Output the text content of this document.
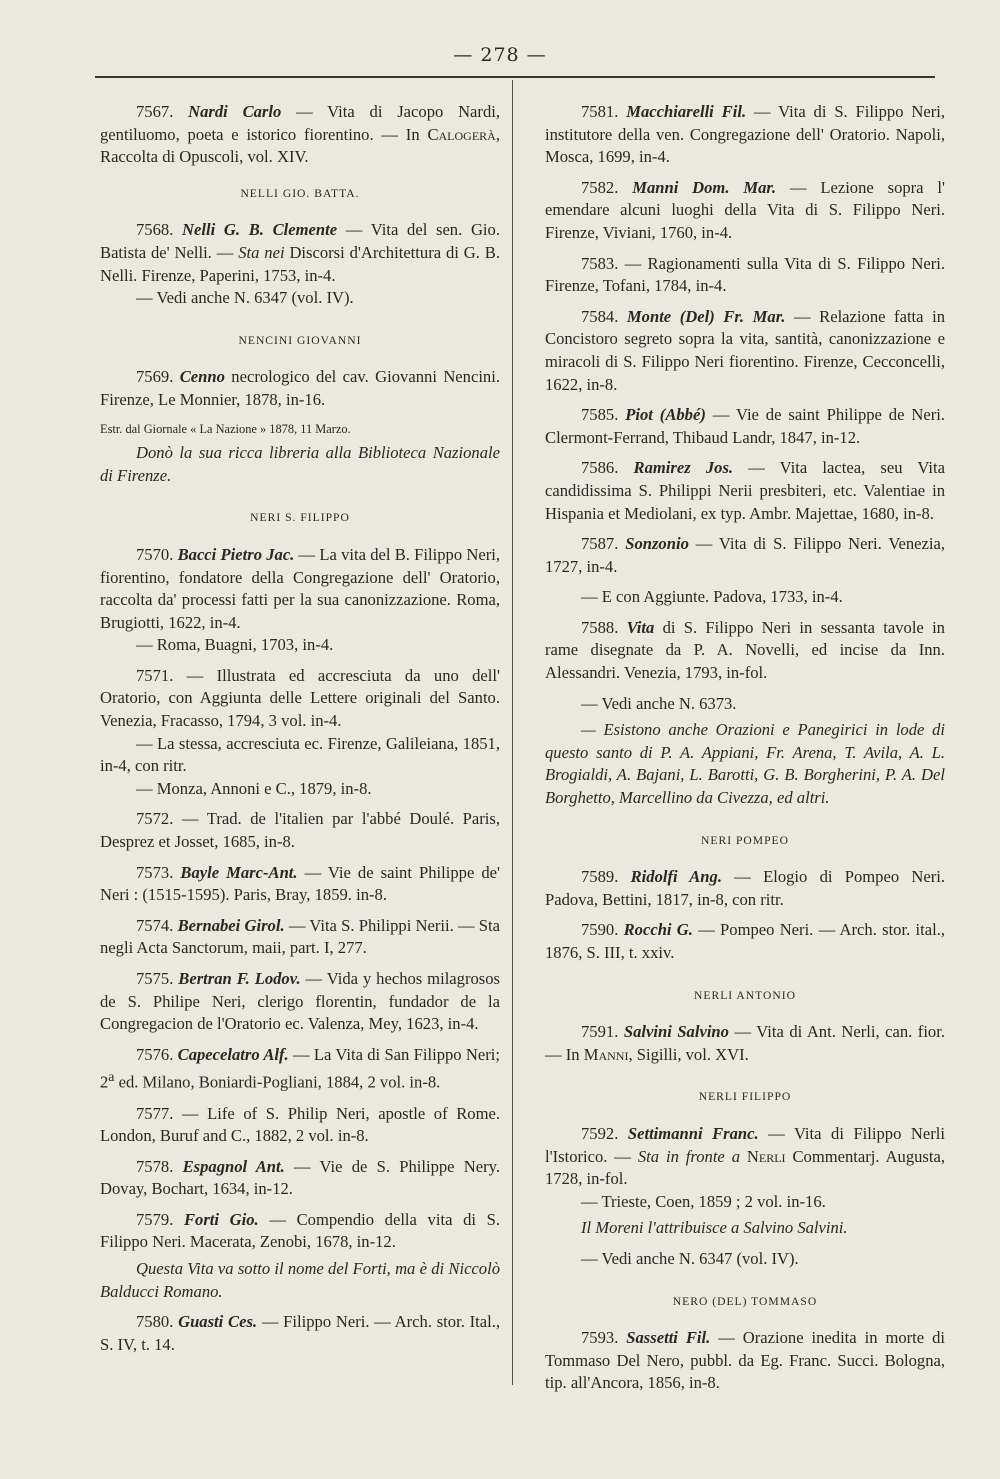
— 278 —

7567. Nardi Carlo — Vita di Jacopo Nardi, gentiluomo, poeta e istorico fiorentino. — In Calogerà, Raccolta di Opuscoli, vol. XIV.

NELLI GIO. BATTA.

7568. Nelli G. B. Clemente — Vita del sen. Gio. Batista de' Nelli. — Sta nei Discorsi d'Architettura di G. B. Nelli. Firenze, Paperini, 1753, in-4.

— Vedi anche N. 6347 (vol. IV).

NENCINI GIOVANNI

7569. Cenno necrologico del cav. Giovanni Nencini. Firenze, Le Monnier, 1878, in-16.

Estr. dal Giornale « La Nazione » 1878, 11 Marzo.

Donò la sua ricca libreria alla Biblioteca Nazionale di Firenze.

NERI S. FILIPPO

7570. Bacci Pietro Jac. — La vita del B. Filippo Neri, fiorentino, fondatore della Congregazione dell' Oratorio, raccolta da' processi fatti per la sua canonizzazione. Roma, Brugiotti, 1622, in-4.

— Roma, Buagni, 1703, in-4.

7571. — Illustrata ed accresciuta da uno dell' Oratorio, con Aggiunta delle Lettere originali del Santo. Venezia, Fracasso, 1794, 3 vol. in-4.

— La stessa, accresciuta ec. Firenze, Galileiana, 1851, in-4, con ritr.

— Monza, Annoni e C., 1879, in-8.

7572. — Trad. de l'italien par l'abbé Doulé. Paris, Desprez et Josset, 1685, in-8.

7573. Bayle Marc-Ant. — Vie de saint Philippe de' Neri : (1515-1595). Paris, Bray, 1859. in-8.

7574. Bernabei Girol. — Vita S. Philippi Nerii. — Sta negli Acta Sanctorum, maii, part. I, 277.

7575. Bertran F. Lodov. — Vida y hechos milagrosos de S. Philipe Neri, clerigo florentin, fundador de la Congregacion de l'Oratorio ec. Valenza, Mey, 1623, in-4.

7576. Capecelatro Alf. — La Vita di San Filippo Neri; 2$^a$ ed. Milano, Boniardi-Pogliani, 1884, 2 vol. in-8.

7577. — Life of S. Philip Neri, apostle of Rome. London, Buruf and C., 1882, 2 vol. in-8.

7578. Espagnol Ant. — Vie de S. Philippe Nery. Dovay, Bochart, 1634, in-12.

7579. Forti Gio. — Compendio della vita di S. Filippo Neri. Macerata, Zenobi, 1678, in-12.

Questa Vita va sotto il nome del Forti, ma è di Niccolò Balducci Romano.

7580. Guasti Ces. — Filippo Neri. — Arch. stor. Ital., S. IV, t. 14.

7581. Macchiarelli Fil. — Vita di S. Filippo Neri, institutore della ven. Congregazione dell' Oratorio. Napoli, Mosca, 1699, in-4.

7582. Manni Dom. Mar. — Lezione sopra l' emendare alcuni luoghi della Vita di S. Filippo Neri. Firenze, Viviani, 1760, in-4.

7583. — Ragionamenti sulla Vita di S. Filippo Neri. Firenze, Tofani, 1784, in-4.

7584. Monte (Del) Fr. Mar. — Relazione fatta in Concistoro segreto sopra la vita, santità, canonizzazione e miracoli di S. Filippo Neri fiorentino. Firenze, Cecconcelli, 1622, in-8.

7585. Piot (Abbé) — Vie de saint Philippe de Neri. Clermont-Ferrand, Thibaud Landr, 1847, in-12.

7586. Ramirez Jos. — Vita lactea, seu Vita candidissima S. Philippi Nerii presbiteri, etc. Valentiae in Hispania et Mediolani, ex typ. Ambr. Majettae, 1680, in-8.

7587. Sonzonio — Vita di S. Filippo Neri. Venezia, 1727, in-4.

— E con Aggiunte. Padova, 1733, in-4.

7588. Vita di S. Filippo Neri in sessanta tavole in rame disegnate da P. A. Novelli, ed incise da Inn. Alessandri. Venezia, 1793, in-fol.

— Vedi anche N. 6373.

— Esistono anche Orazioni e Panegirici in lode di questo santo di P. A. Appiani, Fr. Arena, T. Avila, A. L. Brogialdi, A. Bajani, L. Barotti, G. B. Borgherini, P. A. Del Borghetto, Marcellino da Civezza, ed altri.

NERI POMPEO

7589. Ridolfi Ang. — Elogio di Pompeo Neri. Padova, Bettini, 1817, in-8, con ritr.

7590. Rocchi G. — Pompeo Neri. — Arch. stor. ital., 1876, S. III, t. xxiv.

NERLI ANTONIO

7591. Salvini Salvino — Vita di Ant. Nerli, can. fior. — In Manni, Sigilli, vol. XVI.

NERLI FILIPPO

7592. Settimanni Franc. — Vita di Filippo Nerli l'Istorico. — Sta in fronte a Nerli Commentarj. Augusta, 1728, in-fol.

— Trieste, Coen, 1859 ; 2 vol. in-16.

Il Moreni l'attribuisce a Salvino Salvini.

— Vedi anche N. 6347 (vol. IV).

NERO (DEL) TOMMASO

7593. Sassetti Fil. — Orazione inedita in morte di Tommaso Del Nero, pubbl. da Eg. Franc. Succi. Bologna, tip. all'Ancora, 1856, in-8.
